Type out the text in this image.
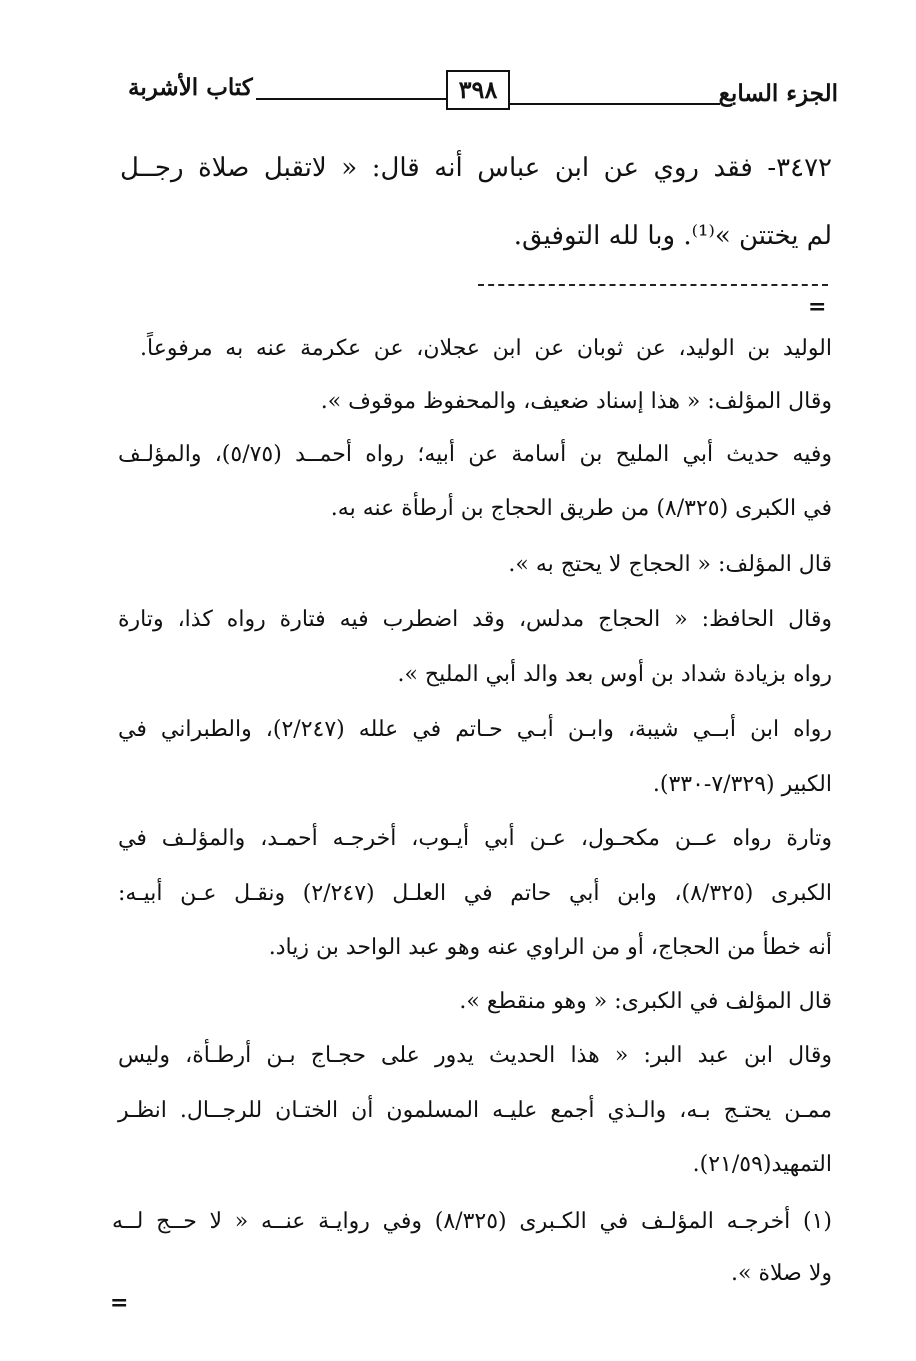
كتاب الأشربة	٣٩٨	الجزء السابع
٣٤٧٢- فقد روي عن ابن عباس أنه قال: « لاتقبل صلاة رجــل
لم يختتن »⁽¹⁾. وبا لله التوفيق.
=
الوليد بن الوليد، عن ثوبان عن ابن عجلان، عن عكرمة عنه به مرفوعاً.
وقال المؤلف: « هذا إسناد ضعيف، والمحفوظ موقوف ».
وفيه حديث أبي المليح بن أسامة عن أبيه؛ رواه أحمــد (٥/٧٥)، والمؤلـف
في الكبرى (٨/٣٢٥) من طريق الحجاج بن أرطأة عنه به.
قال المؤلف: « الحجاج لا يحتج به ».
وقال الحافظ: « الحجاج مدلس، وقد اضطرب فيه فتارة رواه كذا، وتارة
رواه بزيادة شداد بن أوس بعد والد أبي المليح ».
رواه ابن أبــي شيبة، وابـن أبـي حـاتم في علله (٢/٢٤٧)، والطبراني في
الكبير (٧/٣٢٩-٣٣٠).
وتارة رواه عــن مكحـول، عـن أبي أيـوب، أخرجـه أحمـد، والمؤلـف في
الكبرى (٨/٣٢٥)، وابن أبي حاتم في العلـل (٢/٢٤٧) ونقـل عـن أبيـه:
أنه خطأ من الحجاج، أو من الراوي عنه وهو عبد الواحد بن زياد.
قال المؤلف في الكبرى: « وهو منقطع ».
وقال ابن عبد البر: « هذا الحديث يدور على حجـاج بـن أرطـأة، وليس
ممـن يحتـج بـه، والـذي أجمع عليـه المسلمون أن الختـان للرجــال. انظـر
التمهيد(٢١/٥٩).
(١) أخرجـه المؤلـف في الكـبرى (٨/٣٢٥) وفي روايـة عنــه « لا حــج لــه
ولا صلاة ».
=
